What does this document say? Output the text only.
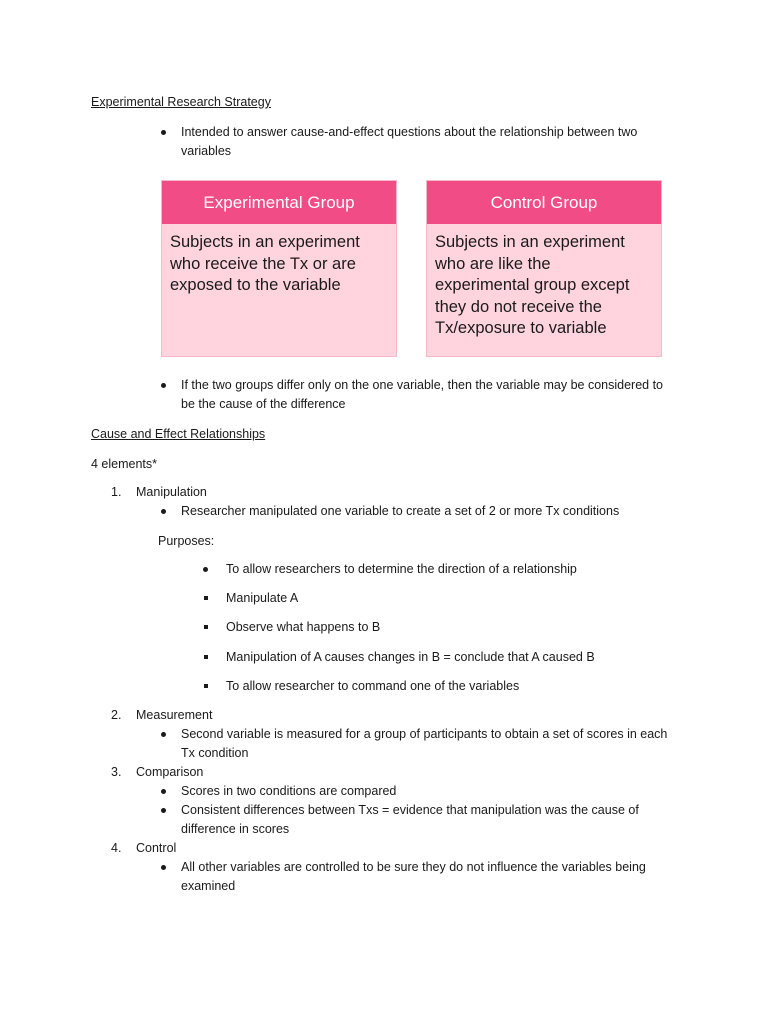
Experimental Research Strategy
Intended to answer cause-and-effect questions about the relationship between two
variables
Experimental Group
Subjects in an experiment
who receive the Tx or are
exposed to the variable
Control Group
Subjects in an experiment
who are like the
experimental group except
they do not receive the
Tx/exposure to variable
If the two groups differ only on the one variable, then the variable may be considered to
be the cause of the difference
Cause and Effect Relationships
4 elements*
1. Manipulation
Researcher manipulated one variable to create a set of 2 or more Tx conditions
Purposes:
To allow researchers to determine the direction of a relationship
Manipulate A
Observe what happens to B
Manipulation of A causes changes in B = conclude that A caused B
To allow researcher to command one of the variables
2. Measurement
Second variable is measured for a group of participants to obtain a set of scores in each
Tx condition
3. Comparison
Scores in two conditions are compared
Consistent differences between Txs = evidence that manipulation was the cause of
difference in scores
4. Control
All other variables are controlled to be sure they do not influence the variables being
examined
